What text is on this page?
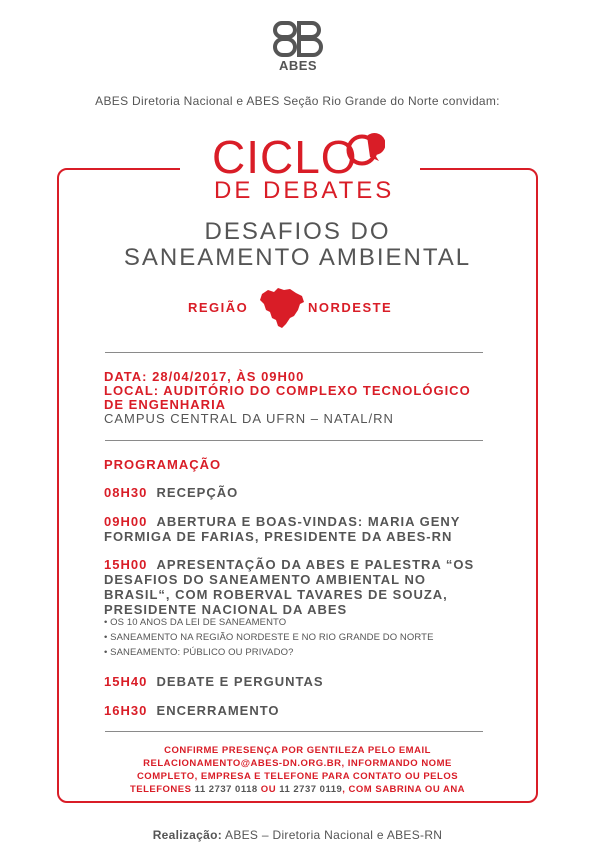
ABES
ABES Diretoria Nacional e ABES Seção Rio Grande do Norte convidam:
CICLO
DE DEBATES
DESAFIOS DO
SANEAMENTO AMBIENTAL
REGIÃO	NORDESTE
DATA: 28/04/2017, ÀS 09H00
LOCAL: AUDITÓRIO DO COMPLEXO TECNOLÓGICO
DE ENGENHARIA
CAMPUS CENTRAL DA UFRN – NATAL/RN
PROGRAMAÇÃO
08H30 RECEPÇÃO
09H00 ABERTURA E BOAS-VINDAS: MARIA GENY
FORMIGA DE FARIAS, PRESIDENTE DA ABES-RN
15H00 APRESENTAÇÃO DA ABES E PALESTRA “OS
DESAFIOS DO SANEAMENTO AMBIENTAL NO
BRASIL“, COM ROBERVAL TAVARES DE SOUZA,
PRESIDENTE NACIONAL DA ABES
• OS 10 ANOS DA LEI DE SANEAMENTO
• SANEAMENTO NA REGIÃO NORDESTE E NO RIO GRANDE DO NORTE
• SANEAMENTO: PÚBLICO OU PRIVADO?
15H40 DEBATE E PERGUNTAS
16H30 ENCERRAMENTO
CONFIRME PRESENÇA POR GENTILEZA PELO EMAIL
RELACIONAMENTO@ABES-DN.ORG.BR, INFORMANDO NOME
COMPLETO, EMPRESA E TELEFONE PARA CONTATO OU PELOS
TELEFONES 11 2737 0118 OU 11 2737 0119, COM SABRINA OU ANA
Realização: ABES – Diretoria Nacional e ABES-RN
